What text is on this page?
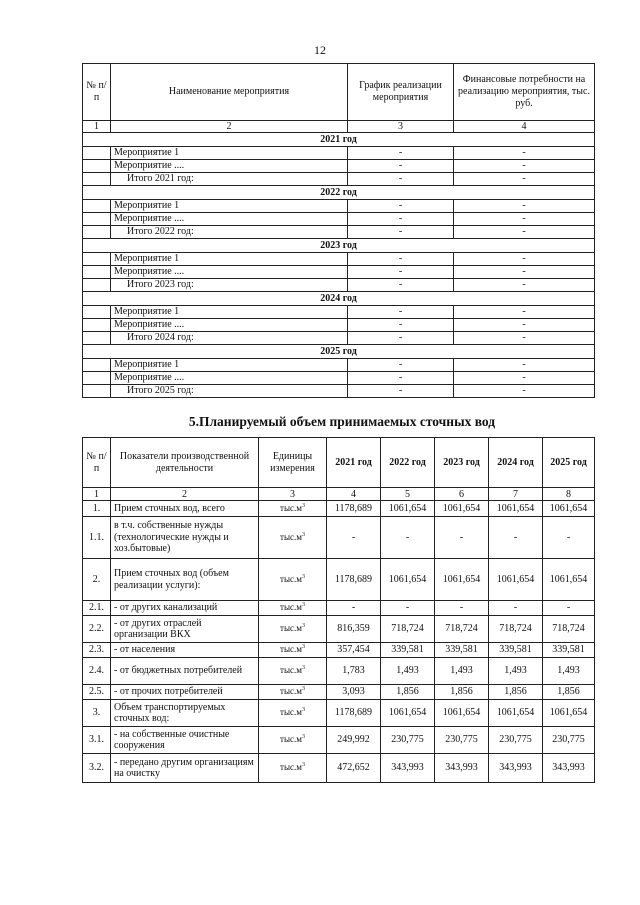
12
№ п/п	Наименование мероприятия	График реализации мероприятия	Финансовые потребности на реализацию мероприятия, тыс. руб.
1	2	3	4
2021 год			
	Мероприятие 1	-	-
	Мероприятие ....	-	-
	Итого 2021 год:	-	-
2022 год			
	Мероприятие 1	-	-
	Мероприятие ....	-	-
	Итого 2022 год:	-	-
2023 год			
	Мероприятие 1	-	-
	Мероприятие ....	-	-
	Итого 2023 год:	-	-
2024 год			
	Мероприятие 1	-	-
	Мероприятие ....	-	-
	Итого 2024 год:	-	-
2025 год			
	Мероприятие 1	-	-
	Мероприятие ....	-	-
	Итого 2025 год:	-	-
5.Планируемый объем принимаемых сточных вод
№ п/п	Показатели производственной деятельности	Единицы измерения	2021 год	2022 год	2023 год	2024 год	2025 год
1	2	3	4	5	6	7	8
1.	Прием сточных вод, всего	$тыс.м^3$	1178,689	1061,654	1061,654	1061,654	1061,654
1.1.	в т.ч. собственные нужды (технологические нужды и хоз.бытовые)	$тыс.м^3$	-	-	-	-	-
2.	Прием сточных вод (объем реализации услуги):	$тыс.м^3$	1178,689	1061,654	1061,654	1061,654	1061,654
2.1.	- от других канализаций	$тыс.м^3$	-	-	-	-	-
2.2.	- от других отраслей организации ВКХ	$тыс.м^3$	816,359	718,724	718,724	718,724	718,724
2.3.	- от населения	$тыс.м^3$	357,454	339,581	339,581	339,581	339,581
2.4.	- от бюджетных потребителей	$тыс.м^3$	1,783	1,493	1,493	1,493	1,493
2.5.	- от прочих потребителей	$тыс.м^3$	3,093	1,856	1,856	1,856	1,856
3.	Объем транспортируемых сточных вод:	$тыс.м^3$	1178,689	1061,654	1061,654	1061,654	1061,654
3.1.	- на собственные очистные сооружения	$тыс.м^3$	249,992	230,775	230,775	230,775	230,775
3.2.	- передано другим организациям на очистку	$тыс.м^3$	472,652	343,993	343,993	343,993	343,993
